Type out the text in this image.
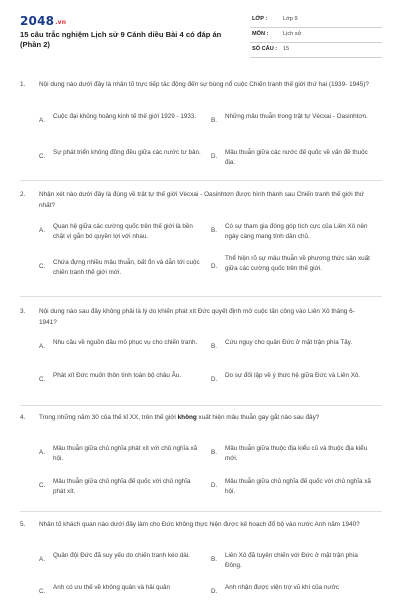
2048.vn
15 câu trắc nghiệm Lịch sử 9 Cánh diều Bài 4 có đáp án (Phần 2)
LỚP :	Lớp 9
MÔN :	Lịch sử
SỐ CÂU : 15
1. Nội dung nào dưới đây là nhân tố trực tiếp tác động đến sự bùng nổ cuộc Chiến tranh thế giới thứ hai (1939- 1945)?
A.
Cuộc đại khủng hoảng kinh tế thế giới 1929 - 1933.
B.
Những mâu thuẫn trong trật tự Vécxai - Oasinhtơn.
C.
Sự phát triển không đồng đều giữa các nước tư bản.
D.
Mâu thuẫn giữa các nước đế quốc về vấn đề thuộc địa.
2. Nhận xét nào dưới đây là đúng về trật tự thế giới Vécxai - Oasinhtơn được hình thành sau Chiến tranh thế giới thứ nhất?
A.
Quan hệ giữa các cường quốc trên thế giới là bền chặt vì gắn bó quyền lợi với nhau.
B.
Có sự tham gia đóng góp tích cực của Liên Xô nên ngày càng mang tính dân chủ.
C.
Chứa đựng nhiều mâu thuẫn, bất ổn và dẫn tới cuộc chiến tranh thế giới mới.
D.
Thể hiện rõ sự mâu thuẫn về phương thức sản xuất giữa các cường quốc trên thế giới.
3. Nội dung nào sau đây không phải là lý do khiến phát xít Đức quyết định mở cuộc tấn công vào Liên Xô tháng 6-1941?
A.
Nhu cầu về nguồn dầu mỏ phục vụ cho chiến tranh.
B.
Cứu nguy cho quân Đức ở mặt trận phía Tây.
C.
Phát xít Đức muốn thôn tính toàn bộ châu Âu.
D.
Do sự đối lập về ý thức hệ giữa Đức và Liên Xô.
4. Trong những năm 30 của thế kỉ XX, trên thế giới không xuất hiện mâu thuẫn gay gắt nào sau đây?
A.
Mâu thuẫn giữa chủ nghĩa phát xít với chủ nghĩa xã hội.
B.
Mâu thuẫn giữa thuộc địa kiểu cũ và thuộc địa kiểu mới.
C.
Mâu thuẫn giữa chủ nghĩa đế quốc với chủ nghĩa phát xít.
D.
Mâu thuẫn giữa chủ nghĩa đế quốc với chủ nghĩa xã hội.
5. Nhân tố khách quan nào dưới đây làm cho Đức không thực hiện được kế hoạch đổ bộ vào nước Anh năm 1940?
A.
Quân đội Đức đã suy yếu do chiến tranh kéo dài.
B.
Liên Xô đã tuyên chiến với Đức ở mặt trận phía Đông.
C.
Anh có ưu thế về không quân và hải quân
D.
Anh nhận được viện trợ vũ khí của nước
